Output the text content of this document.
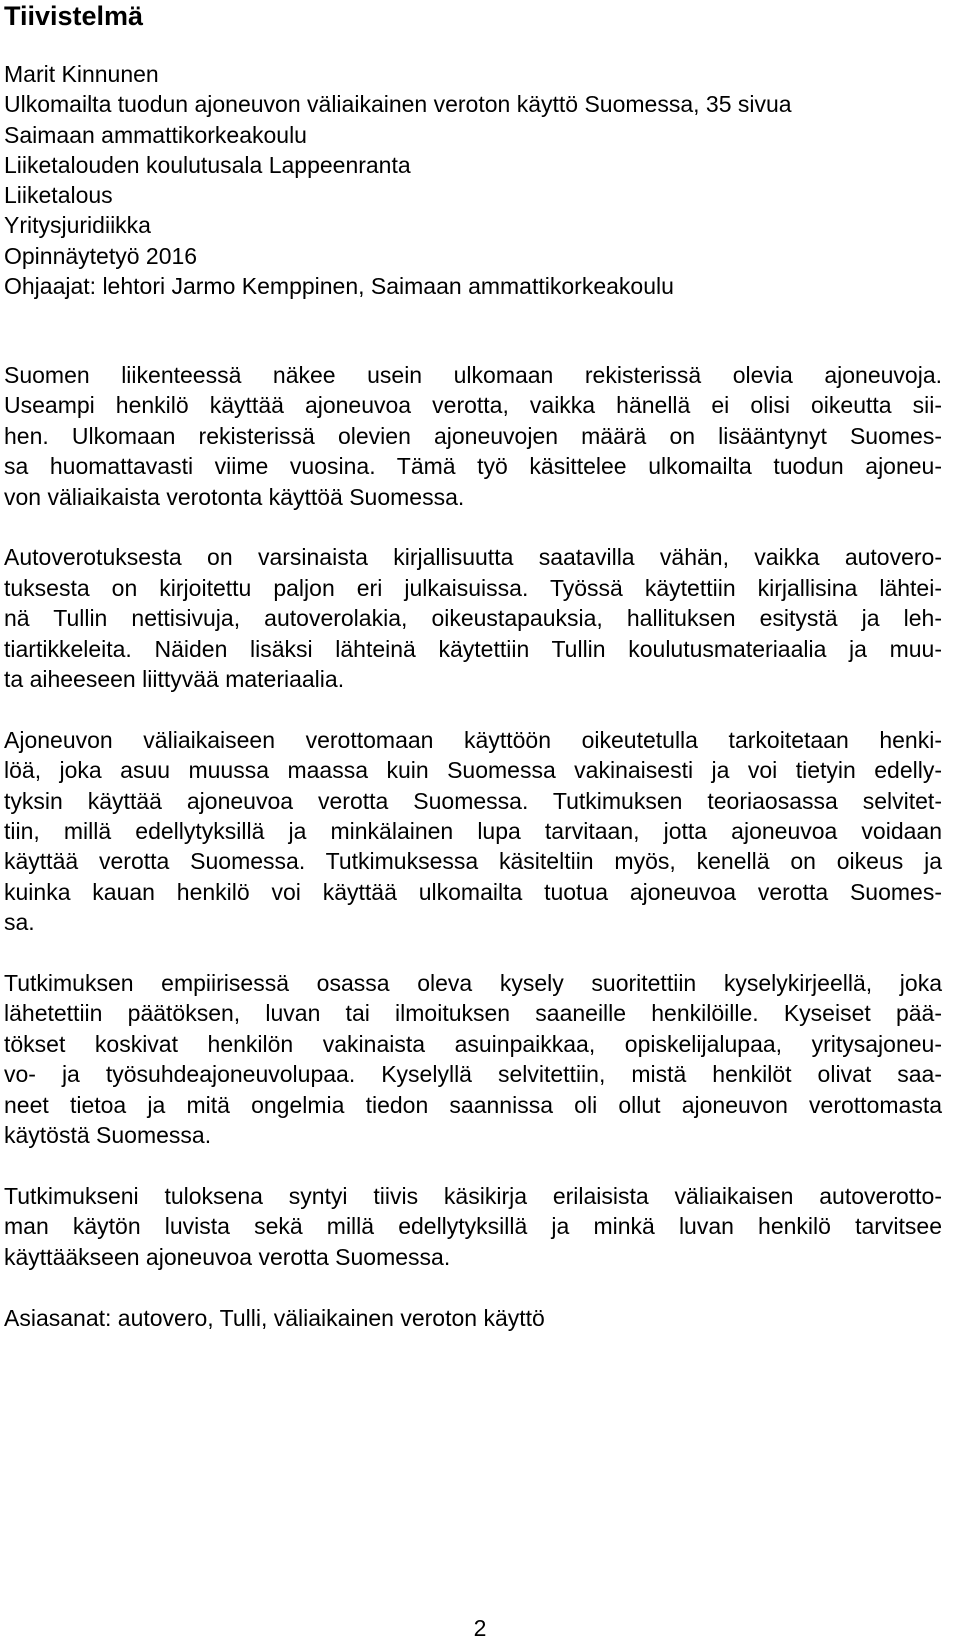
Tiivistelmä
Marit Kinnunen
Ulkomailta tuodun ajoneuvon väliaikainen veroton käyttö Suomessa, 35 sivua
Saimaan ammattikorkeakoulu
Liiketalouden koulutusala Lappeenranta
Liiketalous
Yritysjuridiikka
Opinnäytetyö 2016
Ohjaajat: lehtori Jarmo Kemppinen, Saimaan ammattikorkeakoulu
Suomen liikenteessä näkee usein ulkomaan rekisterissä olevia ajoneuvoja.
Useampi henkilö käyttää ajoneuvoa verotta, vaikka hänellä ei olisi oikeutta sii-
hen. Ulkomaan rekisterissä olevien ajoneuvojen määrä on lisääntynyt Suomes-
sa huomattavasti viime vuosina. Tämä työ käsittelee ulkomailta tuodun ajoneu-
von väliaikaista verotonta käyttöä Suomessa.
Autoverotuksesta on varsinaista kirjallisuutta saatavilla vähän, vaikka autovero-
tuksesta on kirjoitettu paljon eri julkaisuissa. Työssä käytettiin kirjallisina lähtei-
nä Tullin nettisivuja, autoverolakia, oikeustapauksia, hallituksen esitystä ja leh-
tiartikkeleita. Näiden lisäksi lähteinä käytettiin Tullin koulutusmateriaalia ja muu-
ta aiheeseen liittyvää materiaalia.
Ajoneuvon väliaikaiseen verottomaan käyttöön oikeutetulla tarkoitetaan henki-
löä, joka asuu muussa maassa kuin Suomessa vakinaisesti ja voi tietyin edelly-
tyksin käyttää ajoneuvoa verotta Suomessa. Tutkimuksen teoriaosassa selvitet-
tiin, millä edellytyksillä ja minkälainen lupa tarvitaan, jotta ajoneuvoa voidaan
käyttää verotta Suomessa. Tutkimuksessa käsiteltiin myös, kenellä on oikeus ja
kuinka kauan henkilö voi käyttää ulkomailta tuotua ajoneuvoa verotta Suomes-
sa.
Tutkimuksen empiirisessä osassa oleva kysely suoritettiin kyselykirjeellä, joka
lähetettiin päätöksen, luvan tai ilmoituksen saaneille henkilöille. Kyseiset pää-
tökset koskivat henkilön vakinaista asuinpaikkaa, opiskelijalupaa, yritysajoneu-
vo- ja työsuhdeajoneuvolupaa. Kyselyllä selvitettiin, mistä henkilöt olivat saa-
neet tietoa ja mitä ongelmia tiedon saannissa oli ollut ajoneuvon verottomasta
käytöstä Suomessa.
Tutkimukseni tuloksena syntyi tiivis käsikirja erilaisista väliaikaisen autoverotto-
man käytön luvista sekä millä edellytyksillä ja minkä luvan henkilö tarvitsee
käyttääkseen ajoneuvoa verotta Suomessa.
Asiasanat: autovero, Tulli, väliaikainen veroton käyttö
2
